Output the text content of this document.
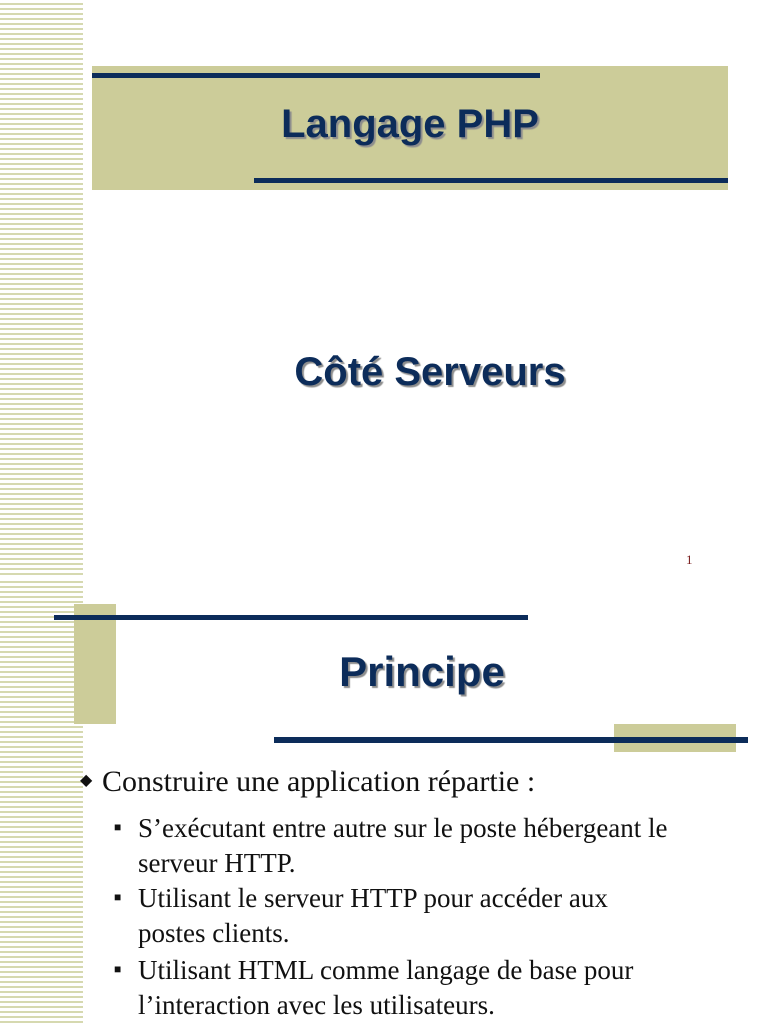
Langage PHP
Côté Serveurs
1
Principe
◆ Construire une application répartie :
■ S’exécutant entre autre sur le poste hébergeant le
serveur HTTP.
■ Utilisant le serveur HTTP pour accéder aux
postes clients.
■ Utilisant HTML comme langage de base pour
l’interaction avec les utilisateurs.
